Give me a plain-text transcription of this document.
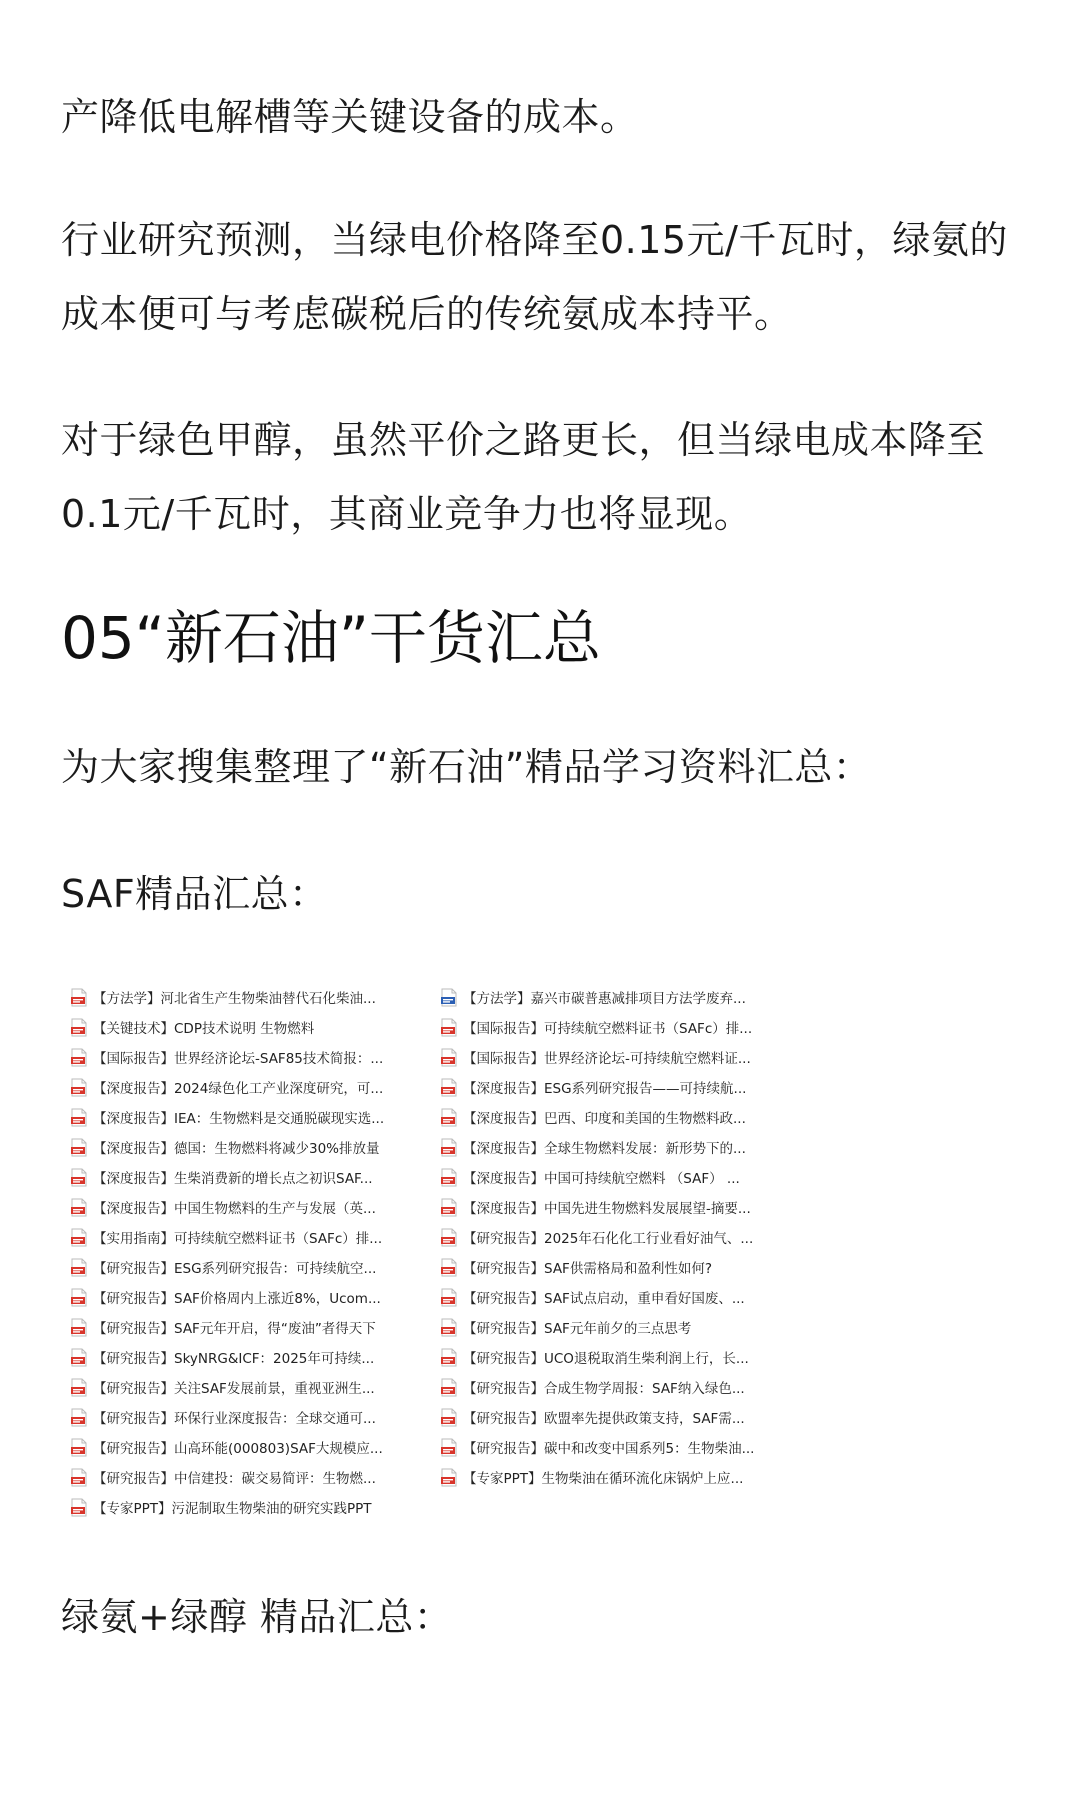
产降低电解槽等关键设备的成本。

行业研究预测，当绿电价格降至0.15元/千瓦时，绿氨的成本便可与考虑碳税后的传统氨成本持平。

对于绿色甲醇，虽然平价之路更长，但当绿电成本降至0.1元/千瓦时，其商业竞争力也将显现。

05“新石油”干货汇总

为大家搜集整理了“新石油”精品学习资料汇总：

SAF精品汇总：

【方法学】河北省生产生物柴油替代石化柴油...
【关键技术】CDP技术说明 生物燃料
【国际报告】世界经济论坛-SAF85技术简报：...
【深度报告】2024绿色化工产业深度研究，可...
【深度报告】IEA：生物燃料是交通脱碳现实选...
【深度报告】德国：生物燃料将减少30%排放量
【深度报告】生柴消费新的增长点之初识SAF...
【深度报告】中国生物燃料的生产与发展（英...
【实用指南】可持续航空燃料证书（SAFc）排...
【研究报告】ESG系列研究报告：可持续航空...
【研究报告】SAF价格周内上涨近8%，Ucom...
【研究报告】SAF元年开启，得“废油”者得天下
【研究报告】SkyNRG&ICF：2025年可持续...
【研究报告】关注SAF发展前景，重视亚洲生...
【研究报告】环保行业深度报告：全球交通可...
【研究报告】山高环能(000803)SAF大规模应...
【研究报告】中信建投：碳交易简评：生物燃...
【专家PPT】污泥制取生物柴油的研究实践PPT
【方法学】嘉兴市碳普惠减排项目方法学废弃...
【国际报告】可持续航空燃料证书（SAFc）排...
【国际报告】世界经济论坛-可持续航空燃料证...
【深度报告】ESG系列研究报告——可持续航...
【深度报告】巴西、印度和美国的生物燃料政...
【深度报告】全球生物燃料发展：新形势下的...
【深度报告】中国可持续航空燃料 （SAF） ...
【深度报告】中国先进生物燃料发展展望-摘要...
【研究报告】2025年石化化工行业看好油气、...
【研究报告】SAF供需格局和盈利性如何?
【研究报告】SAF试点启动，重申看好国废、...
【研究报告】SAF元年前夕的三点思考
【研究报告】UCO退税取消生柴利润上行，长...
【研究报告】合成生物学周报：SAF纳入绿色...
【研究报告】欧盟率先提供政策支持，SAF需...
【研究报告】碳中和改变中国系列5：生物柴油...
【专家PPT】生物柴油在循环流化床锅炉上应...

绿氨+绿醇 精品汇总：
